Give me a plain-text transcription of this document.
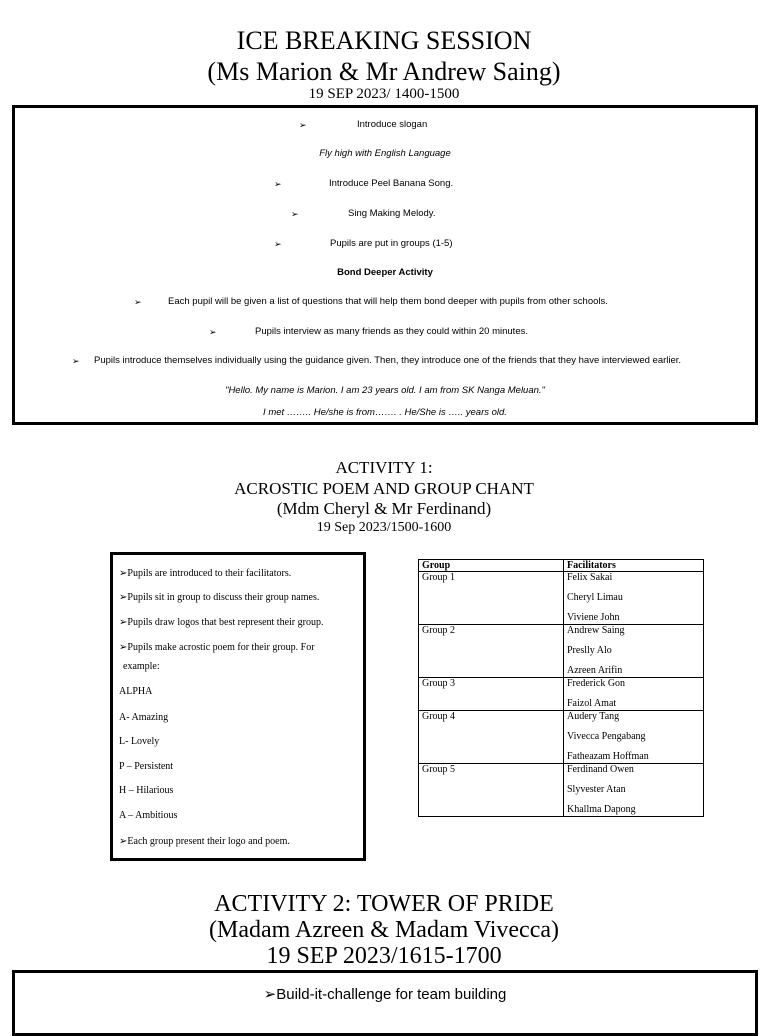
ICE BREAKING SESSION
(Ms Marion & Mr Andrew Saing)
19 SEP 2023/ 1400-1500
➢	Introduce slogan
Fly high with English Language
➢	Introduce Peel Banana Song.
➢	Sing Making Melody.
➢	Pupils are put in groups (1-5)
Bond Deeper Activity
➢	Each pupil will be given a list of questions that will help them bond deeper with pupils from other schools.
➢	Pupils interview as many friends as they could within 20 minutes.
➢ Pupils introduce themselves individually using the guidance given. Then, they introduce one of the friends that they have interviewed earlier.
"Hello. My name is Marion. I am 23 years old. I am from SK Nanga Meluan."
I met …….. He/she is from……. . He/She is ….. years old.
ACTIVITY 1:
ACROSTIC POEM AND GROUP CHANT
(Mdm Cheryl & Mr Ferdinand)
19 Sep 2023/1500-1600
➢Pupils are introduced to their facilitators.
➢Pupils sit in group to discuss their group names.
➢Pupils draw logos that best represent their group.
➢Pupils make acrostic poem for their group. For
example:
ALPHA
A- Amazing
L- Lovely
P – Persistent
H – Hilarious
A – Ambitious
➢Each group present their logo and poem.
Group	Facilitators
Group 1	Felix Sakai
Cheryl Limau
Viviene John

Group 2	Andrew Saing
Preslly Alo
Azreen Arifin

Group 3	Frederick Gon
Faizol Amat

Group 4	Audery Tang
Vivecca Pengabang
Fatheazam Hoffman

Group 5	Ferdinand Owen
Slyvester Atan
Khallma Dapong
ACTIVITY 2: TOWER OF PRIDE
(Madam Azreen & Madam Vivecca)
19 SEP 2023/1615-1700
➢Build-it-challenge for team building
